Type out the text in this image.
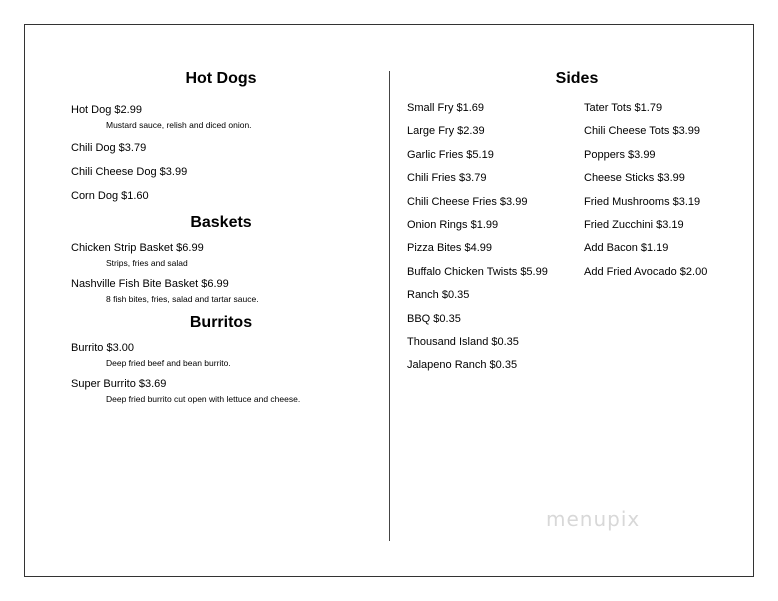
Hot Dogs
Hot Dog $2.99
Mustard sauce, relish and diced onion.
Chili Dog $3.79
Chili Cheese Dog $3.99
Corn Dog $1.60
Baskets
Chicken Strip Basket $6.99
Strips, fries and salad
Nashville Fish Bite Basket $6.99
8 fish bites, fries, salad and tartar sauce.
Burritos
Burrito $3.00
Deep fried beef and bean burrito.
Super Burrito $3.69
Deep fried burrito cut open with lettuce and cheese.
Sides
Small Fry $1.69
Large Fry $2.39
Garlic Fries $5.19
Chili Fries $3.79
Chili Cheese Fries $3.99
Onion Rings $1.99
Pizza Bites $4.99
Buffalo Chicken Twists $5.99
Ranch $0.35
BBQ $0.35
Thousand Island $0.35
Jalapeno Ranch $0.35
Tater Tots $1.79
Chili Cheese Tots $3.99
Poppers $3.99
Cheese Sticks $3.99
Fried Mushrooms $3.19
Fried Zucchini $3.19
Add Bacon $1.19
Add Fried Avocado $2.00
menupix
